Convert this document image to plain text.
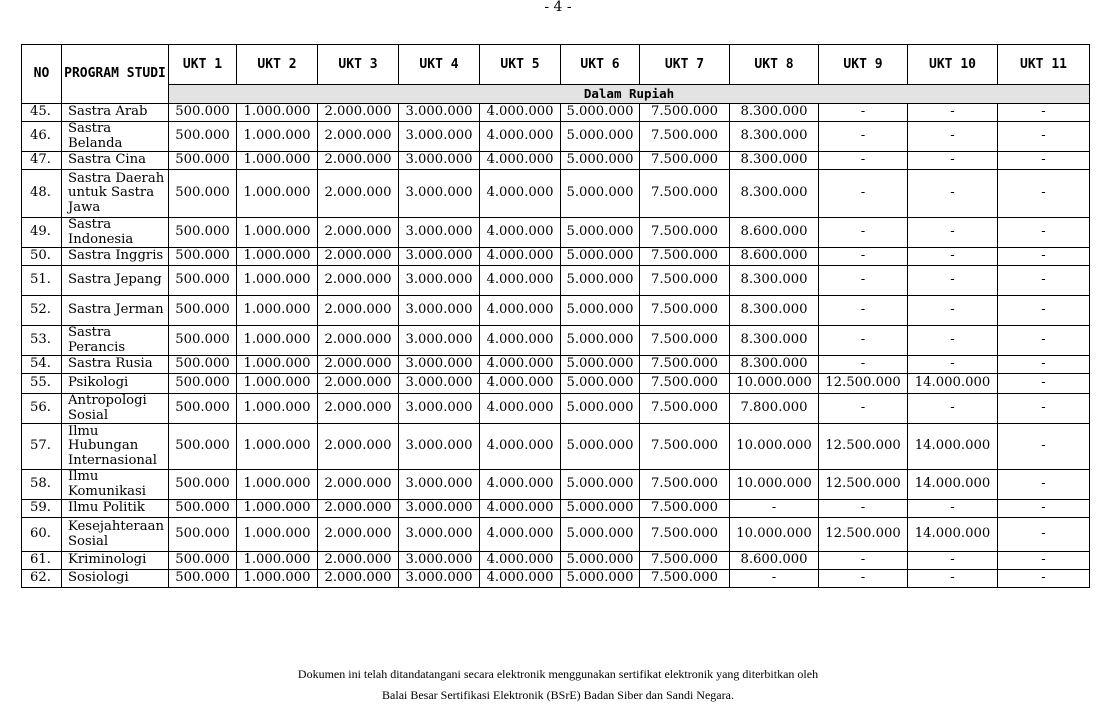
- 4 -
NO	PROGRAM STUDI	UKT 1	UKT 2	UKT 3	UKT 4	UKT 5	UKT 6	UKT 7	UKT 8	UKT 9	UKT 10	UKT 11
		Dalam Rupiah										
45.	Sastra Arab	500.000	1.000.000	2.000.000	3.000.000	4.000.000	5.000.000	7.500.000	8.300.000	-	-	-
46.	Sastra Belanda	500.000	1.000.000	2.000.000	3.000.000	4.000.000	5.000.000	7.500.000	8.300.000	-	-	-
47.	Sastra Cina	500.000	1.000.000	2.000.000	3.000.000	4.000.000	5.000.000	7.500.000	8.300.000	-	-	-
48.	Sastra Daerah untuk Sastra Jawa	500.000	1.000.000	2.000.000	3.000.000	4.000.000	5.000.000	7.500.000	8.300.000	-	-	-
49.	Sastra Indonesia	500.000	1.000.000	2.000.000	3.000.000	4.000.000	5.000.000	7.500.000	8.600.000	-	-	-
50.	Sastra Inggris	500.000	1.000.000	2.000.000	3.000.000	4.000.000	5.000.000	7.500.000	8.600.000	-	-	-
51.	Sastra Jepang	500.000	1.000.000	2.000.000	3.000.000	4.000.000	5.000.000	7.500.000	8.300.000	-	-	-
52.	Sastra Jerman	500.000	1.000.000	2.000.000	3.000.000	4.000.000	5.000.000	7.500.000	8.300.000	-	-	-
53.	Sastra Perancis	500.000	1.000.000	2.000.000	3.000.000	4.000.000	5.000.000	7.500.000	8.300.000	-	-	-
54.	Sastra Rusia	500.000	1.000.000	2.000.000	3.000.000	4.000.000	5.000.000	7.500.000	8.300.000	-	-	-
55.	Psikologi	500.000	1.000.000	2.000.000	3.000.000	4.000.000	5.000.000	7.500.000	10.000.000	12.500.000	14.000.000	-
56.	Antropologi Sosial	500.000	1.000.000	2.000.000	3.000.000	4.000.000	5.000.000	7.500.000	7.800.000	-	-	-
57.	Ilmu Hubungan Internasional	500.000	1.000.000	2.000.000	3.000.000	4.000.000	5.000.000	7.500.000	10.000.000	12.500.000	14.000.000	-
58.	Ilmu Komunikasi	500.000	1.000.000	2.000.000	3.000.000	4.000.000	5.000.000	7.500.000	10.000.000	12.500.000	14.000.000	-
59.	Ilmu Politik	500.000	1.000.000	2.000.000	3.000.000	4.000.000	5.000.000	7.500.000	-	-	-	-
60.	Kesejahteraan Sosial	500.000	1.000.000	2.000.000	3.000.000	4.000.000	5.000.000	7.500.000	10.000.000	12.500.000	14.000.000	-
61.	Kriminologi	500.000	1.000.000	2.000.000	3.000.000	4.000.000	5.000.000	7.500.000	8.600.000	-	-	-
62.	Sosiologi	500.000	1.000.000	2.000.000	3.000.000	4.000.000	5.000.000	7.500.000	-	-	-	-
Dokumen ini telah ditandatangani secara elektronik menggunakan sertifikat elektronik yang diterbitkan oleh
Balai Besar Sertifikasi Elektronik (BSrE) Badan Siber dan Sandi Negara.
